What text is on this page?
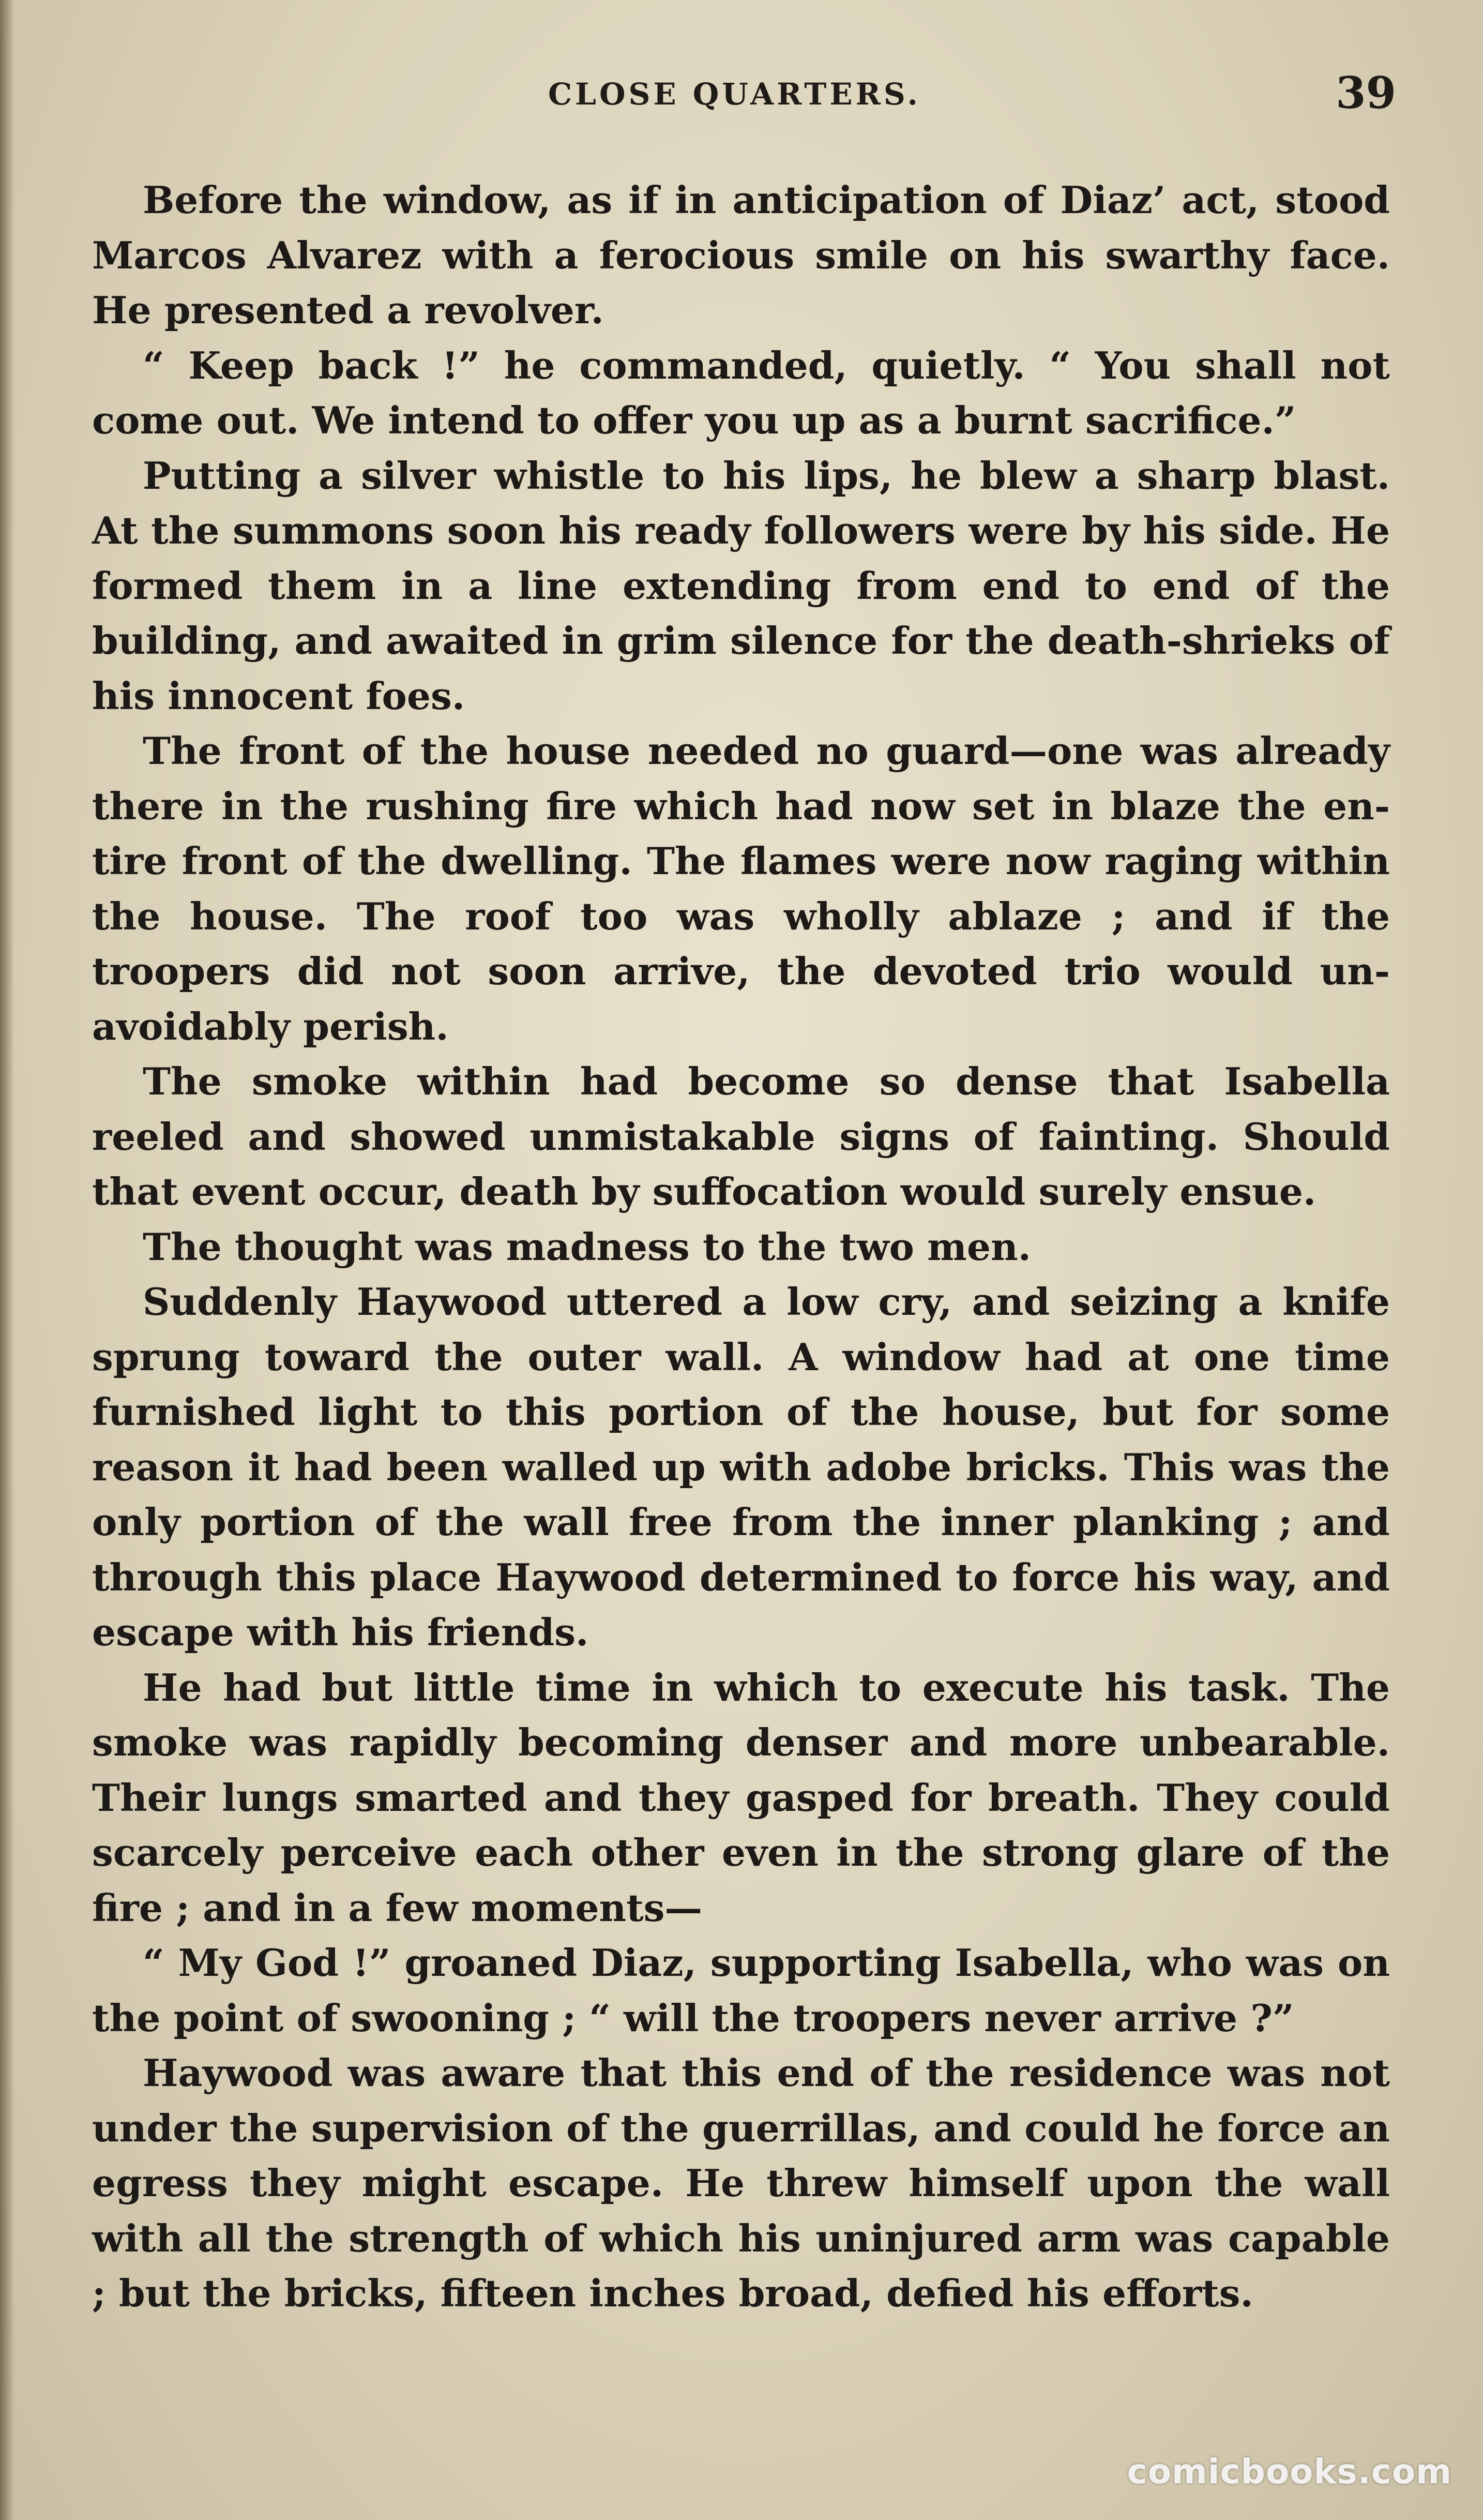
CLOSE QUARTERS.	39

Before the window, as if in anticipation of Diaz’ act, stood Marcos Alvarez with a ferocious smile on his swarthy face. He presented a revolver.

“ Keep back !” he commanded, quietly. “ You shall not come out. We intend to offer you up as a burnt sacrifice.”

Putting a silver whistle to his lips, he blew a sharp blast. At the summons soon his ready followers were by his side. He formed them in a line extending from end to end of the building, and awaited in grim silence for the death-shrieks of his innocent foes.

The front of the house needed no guard—one was already there in the rushing fire which had now set in blaze the entire front of the dwelling. The flames were now raging within the house. The roof too was wholly ablaze ; and if the troopers did not soon arrive, the devoted trio would unavoidably perish.

The smoke within had become so dense that Isabella reeled and showed unmistakable signs of fainting. Should that event occur, death by suffocation would surely ensue.

The thought was madness to the two men.

Suddenly Haywood uttered a low cry, and seizing a knife sprung toward the outer wall. A window had at one time furnished light to this portion of the house, but for some reason it had been walled up with adobe bricks. This was the only portion of the wall free from the inner planking ; and through this place Haywood determined to force his way, and escape with his friends.

He had but little time in which to execute his task. The smoke was rapidly becoming denser and more unbearable. Their lungs smarted and they gasped for breath. They could scarcely perceive each other even in the strong glare of the fire ; and in a few moments—

“ My God !” groaned Diaz, supporting Isabella, who was on the point of swooning ; “ will the troopers never arrive ?”

Haywood was aware that this end of the residence was not under the supervision of the guerrillas, and could he force an egress they might escape. He threw himself upon the wall with all the strength of which his uninjured arm was capable ; but the bricks, fifteen inches broad, defied his efforts.

comicbooks.com
